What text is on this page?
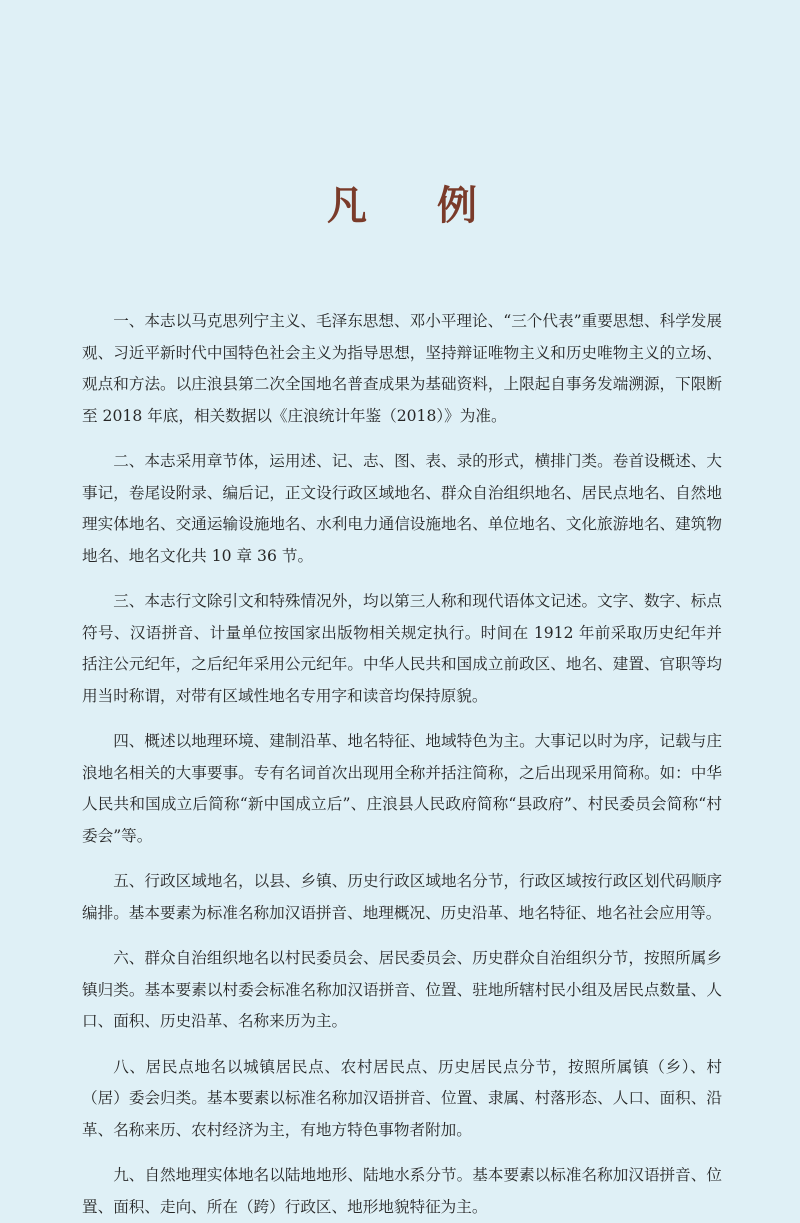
凡 例

一、本志以马克思列宁主义、毛泽东思想、邓小平理论、“三个代表”重要思想、科学发展观、习近平新时代中国特色社会主义为指导思想，坚持辩证唯物主义和历史唯物主义的立场、观点和方法。以庄浪县第二次全国地名普查成果为基础资料，上限起自事务发端溯源，下限断至 2018 年底，相关数据以《庄浪统计年鉴（2018）》为准。

二、本志采用章节体，运用述、记、志、图、表、录的形式，横排门类。卷首设概述、大事记，卷尾设附录、编后记，正文设行政区域地名、群众自治组织地名、居民点地名、自然地理实体地名、交通运输设施地名、水利电力通信设施地名、单位地名、文化旅游地名、建筑物地名、地名文化共 10 章 36 节。

三、本志行文除引文和特殊情况外，均以第三人称和现代语体文记述。文字、数字、标点符号、汉语拼音、计量单位按国家出版物相关规定执行。时间在 1912 年前采取历史纪年并括注公元纪年，之后纪年采用公元纪年。中华人民共和国成立前政区、地名、建置、官职等均用当时称谓，对带有区域性地名专用字和读音均保持原貌。

四、概述以地理环境、建制沿革、地名特征、地域特色为主。大事记以时为序，记载与庄浪地名相关的大事要事。专有名词首次出现用全称并括注简称，之后出现采用简称。如：中华人民共和国成立后简称“新中国成立后”、庄浪县人民政府简称“县政府”、村民委员会简称“村委会”等。

五、行政区域地名，以县、乡镇、历史行政区域地名分节，行政区域按行政区划代码顺序编排。基本要素为标准名称加汉语拼音、地理概况、历史沿革、地名特征、地名社会应用等。

六、群众自治组织地名以村民委员会、居民委员会、历史群众自治组织分节，按照所属乡镇归类。基本要素以村委会标准名称加汉语拼音、位置、驻地所辖村民小组及居民点数量、人口、面积、历史沿革、名称来历为主。

八、居民点地名以城镇居民点、农村居民点、历史居民点分节，按照所属镇（乡）、村（居）委会归类。基本要素以标准名称加汉语拼音、位置、隶属、村落形态、人口、面积、沿革、名称来历、农村经济为主，有地方特色事物者附加。

九、自然地理实体地名以陆地地形、陆地水系分节。基本要素以标准名称加汉语拼音、位置、面积、走向、所在（跨）行政区、地形地貌特征为主。
